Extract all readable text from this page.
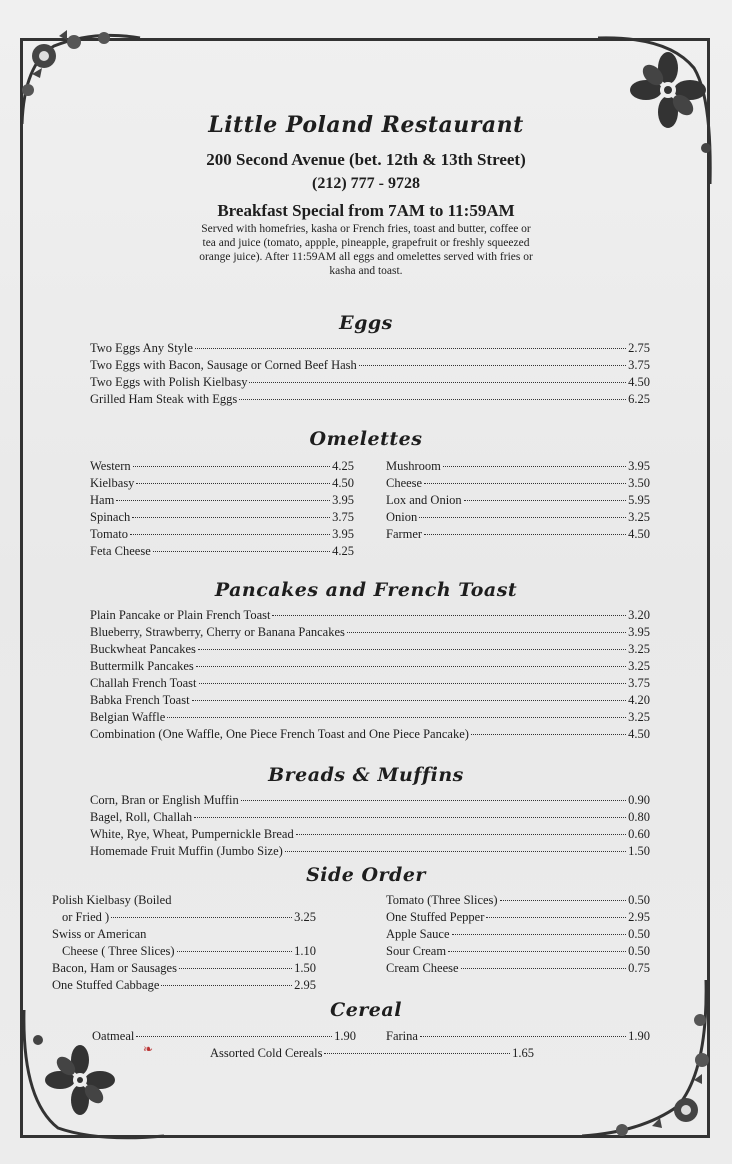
Little Poland Restaurant
200 Second Avenue (bet. 12th & 13th Street)
(212) 777 - 9728
Breakfast Special from 7AM to 11:59AM
Served with homefries, kasha or French fries, toast and butter, coffee or tea and juice (tomato, appple, pineapple, grapefruit or freshly squeezed orange juice). After 11:59AM all eggs and omelettes served with fries or kasha and toast.
Eggs
Omelettes
Pancakes and French Toast
Breads & Muffins
Side Order
Cereal
Two Eggs Any Style	2.75
Two Eggs with Bacon, Sausage or Corned Beef Hash	3.75
Two Eggs with Polish Kielbasy	4.50
Grilled Ham Steak with Eggs	6.25
Western	4.25
Kielbasy	4.50
Ham	3.95
Spinach	3.75
Tomato	3.95
Feta Cheese	4.25
Mushroom	3.95
Cheese	3.50
Lox and Onion	5.95
Onion	3.25
Farmer	4.50
Plain Pancake or Plain French Toast	3.20
Blueberry, Strawberry, Cherry or Banana Pancakes	3.95
Buckwheat Pancakes	3.25
Buttermilk Pancakes	3.25
Challah French Toast	3.75
Babka French Toast	4.20
Belgian Waffle	3.25
Combination (One Waffle, One Piece French Toast and One Piece Pancake)	4.50
Corn, Bran or English Muffin	0.90
Bagel, Roll, Challah	0.80
White, Rye, Wheat, Pumpernickle Bread	0.60
Homemade Fruit Muffin (Jumbo Size)	1.50
Polish Kielbasy (Boiled
or Fried )	3.25
Swiss or American
Cheese ( Three Slices)	1.10
Bacon, Ham or Sausages	1.50
One Stuffed Cabbage	2.95
Tomato (Three Slices)	0.50
One Stuffed Pepper	2.95
Apple Sauce	0.50
Sour Cream	0.50
Cream Cheese	0.75
Oatmeal	1.90 Farina	1.90
Assorted Cold Cereals	1.65
❧
